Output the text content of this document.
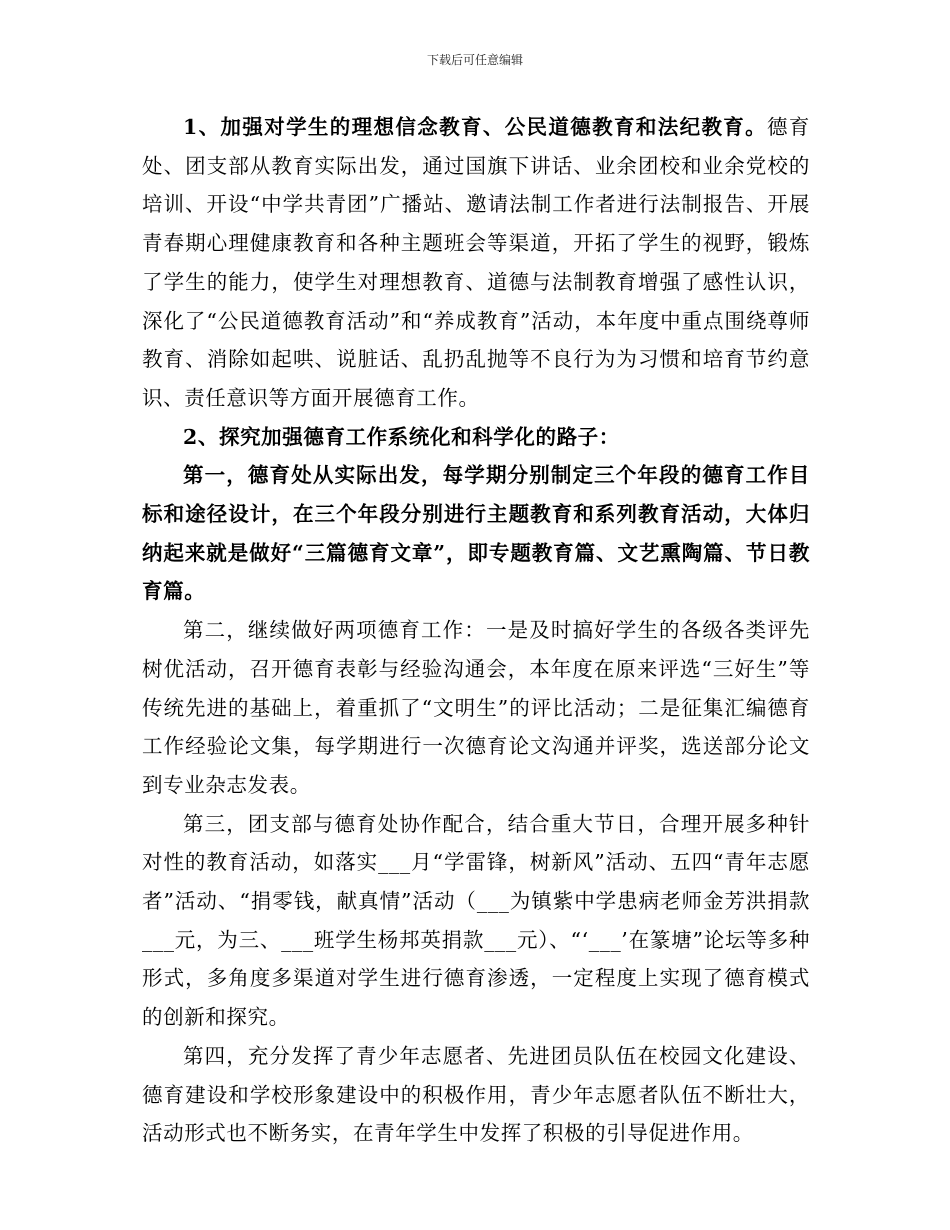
下载后可任意编辑

1、加强对学生的理想信念教育、公民道德教育和法纪教育。德育处、团支部从教育实际出发，通过国旗下讲话、业余团校和业余党校的培训、开设“中学共青团”广播站、邀请法制工作者进行法制报告、开展青春期心理健康教育和各种主题班会等渠道，开拓了学生的视野，锻炼了学生的能力，使学生对理想教育、道德与法制教育增强了感性认识，深化了“公民道德教育活动”和“养成教育”活动，本年度中重点围绕尊师教育、消除如起哄、说脏话、乱扔乱抛等不良行为为习惯和培育节约意识、责任意识等方面开展德育工作。

2、探究加强德育工作系统化和科学化的路子：

第一，德育处从实际出发，每学期分别制定三个年段的德育工作目标和途径设计，在三个年段分别进行主题教育和系列教育活动，大体归纳起来就是做好“三篇德育文章”，即专题教育篇、文艺熏陶篇、节日教育篇。

第二，继续做好两项德育工作：一是及时搞好学生的各级各类评先树优活动，召开德育表彰与经验沟通会，本年度在原来评选“三好生”等传统先进的基础上，着重抓了“文明生”的评比活动；二是征集汇编德育工作经验论文集，每学期进行一次德育论文沟通并评奖，选送部分论文到专业杂志发表。

第三，团支部与德育处协作配合，结合重大节日，合理开展多种针对性的教育活动，如落实___月“学雷锋，树新风”活动、五四“青年志愿者”活动、“捐零钱，献真情”活动（___为镇紫中学患病老师金芳洪捐款___元，为三、___班学生杨邦英捐款___元）、“‘___’在篆塘”论坛等多种形式，多角度多渠道对学生进行德育渗透，一定程度上实现了德育模式的创新和探究。

第四，充分发挥了青少年志愿者、先进团员队伍在校园文化建设、德育建设和学校形象建设中的积极作用，青少年志愿者队伍不断壮大，活动形式也不断务实，在青年学生中发挥了积极的引导促进作用。
